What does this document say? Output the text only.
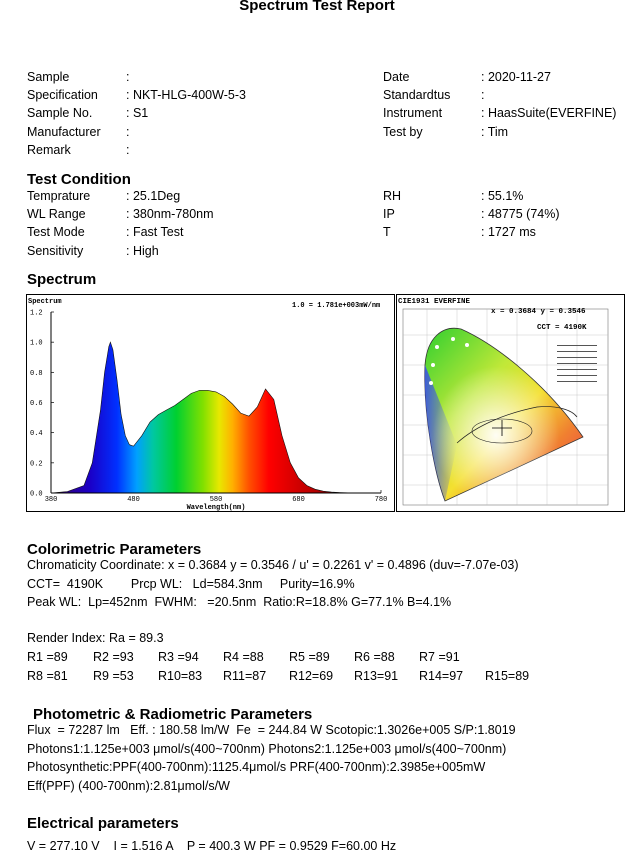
Spectrum Test Report
Sample	:
Specification : NKT-HLG-400W-5-3
Sample No.	: S1
Manufacturer :
Remark	:
Date	: 2020-11-27
Standardtus :
Instrument	: HaasSuite(EVERFINE)
Test by	: Tim
Test Condition
Temprature	: 25.1Deg
WL Range	: 380nm-780nm
Test Mode	: Fast Test
Sensitivity	: High
RH	: 55.1%
IP	: 48775 (74%)
T	: 1727 ms
Spectrum
Spectrum	1.0 = 1.781e+003mW/nm
0.0
0.2
0.4
0.6
0.8
1.0
1.2
380	480	580	680	780
Wavelength(nm)
CIE1931 EVERFINE
x = 0.3684 y = 0.3546
CCT = 4190K
Colorimetric Parameters
Chromaticity Coordinate: x = 0.3684 y = 0.3546 / u' = 0.2261 v' = 0.4896 (duv=-7.07e-03)
CCT=  4190K        Prcp WL:   Ld=584.3nm     Purity=16.9%
Peak WL:  Lp=452nm  FWHM:   =20.5nm  Ratio:R=18.8% G=77.1% B=4.1%
Render Index: Ra = 89.3
R1 =89 R2 =93 R3 =94 R4 =88 R5 =89 R6 =88 R7 =91
R8 =81 R9 =53 R10=83 R11=87 R12=69 R13=91 R14=97 R15=89
Photometric & Radiometric Parameters
Flux  = 72287 lm   Eff. : 180.58 lm/W  Fe  = 244.84 W Scotopic:1.3026e+005 S/P:1.8019
Photons1:1.125e+003 μmol/s(400~700nm) Photons2:1.125e+003 μmol/s(400~700nm)
Photosynthetic:PPF(400-700nm):1125.4μmol/s PRF(400-700nm):2.3985e+005mW
Eff(PPF) (400-700nm):2.81μmol/s/W
Electrical parameters
V = 277.10 V    I = 1.516 A    P = 400.3 W PF = 0.9529 F=60.00 Hz
